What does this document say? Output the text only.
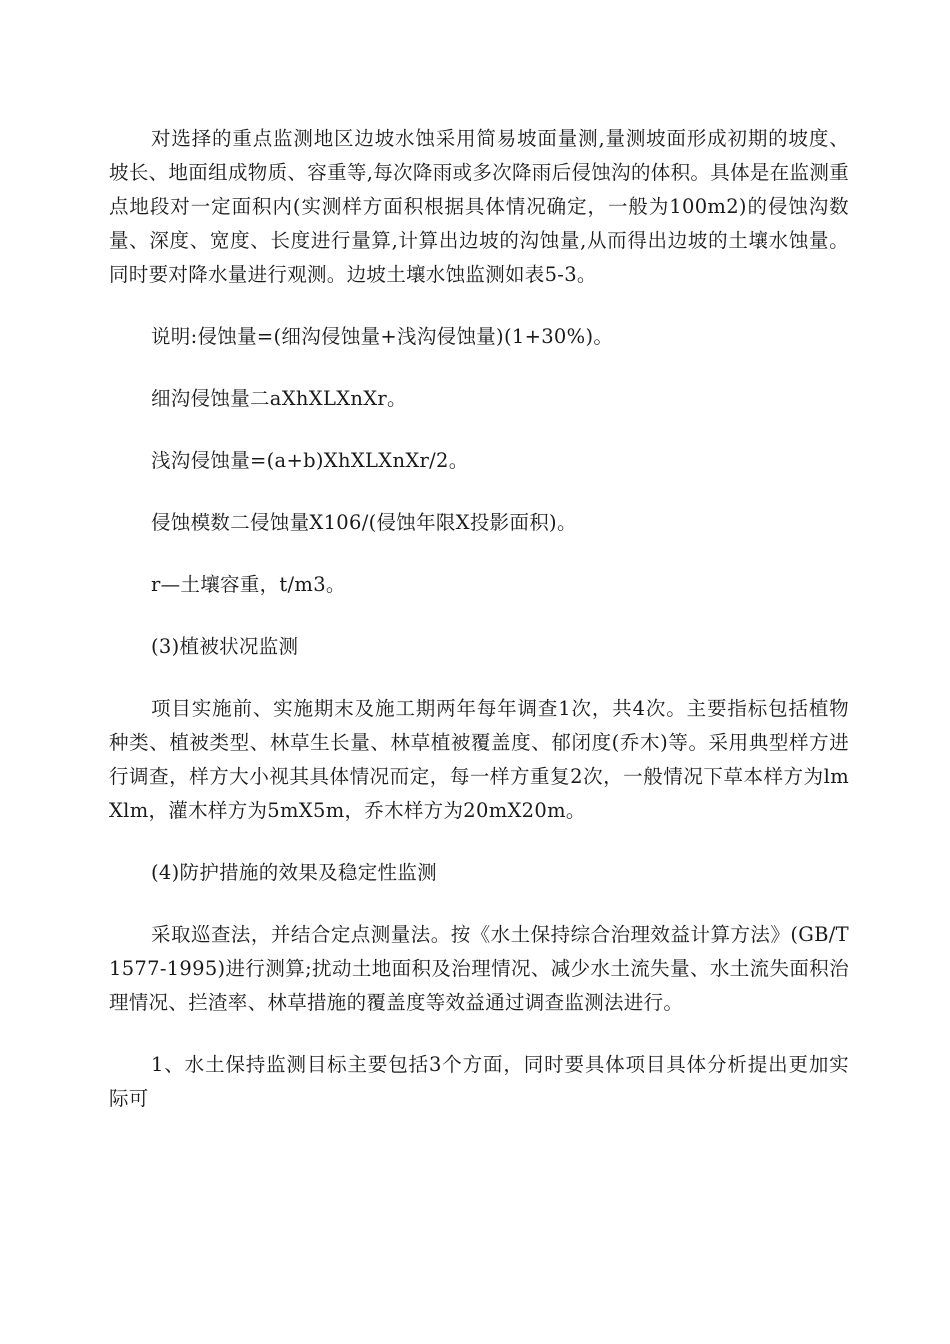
对选择的重点监测地区边坡水蚀采用简易坡面量测,量测坡面形成初期的坡度、坡长、地面组成物质、容重等,每次降雨或多次降雨后侵蚀沟的体积。具体是在监测重点地段对一定面积内(实测样方面积根据具体情况确定，一般为100m2)的侵蚀沟数量、深度、宽度、长度进行量算,计算出边坡的沟蚀量,从而得出边坡的土壤水蚀量。同时要对降水量进行观测。边坡土壤水蚀监测如表5-3。

说明:侵蚀量=(细沟侵蚀量+浅沟侵蚀量)(1+30%)。

细沟侵蚀量二aXhXLXnXr。

浅沟侵蚀量=(a+b)XhXLXnXr/2。

侵蚀模数二侵蚀量X106/(侵蚀年限X投影面积)。

r—土壤容重，t/m3。

(3)植被状况监测

项目实施前、实施期末及施工期两年每年调查1次，共4次。主要指标包括植物种类、植被类型、林草生长量、林草植被覆盖度、郁闭度(乔木)等。采用典型样方进行调查，样方大小视其具体情况而定，每一样方重复2次，一般情况下草本样方为lmXlm，灌木样方为5mX5m，乔木样方为20mX20m。

(4)防护措施的效果及稳定性监测

采取巡查法，并结合定点测量法。按《水土保持综合治理效益计算方法》(GB/T1577-1995)进行测算;扰动土地面积及治理情况、减少水土流失量、水土流失面积治理情况、拦渣率、林草措施的覆盖度等效益通过调查监测法进行。

1、水土保持监测目标主要包括3个方面，同时要具体项目具体分析提出更加实际可
